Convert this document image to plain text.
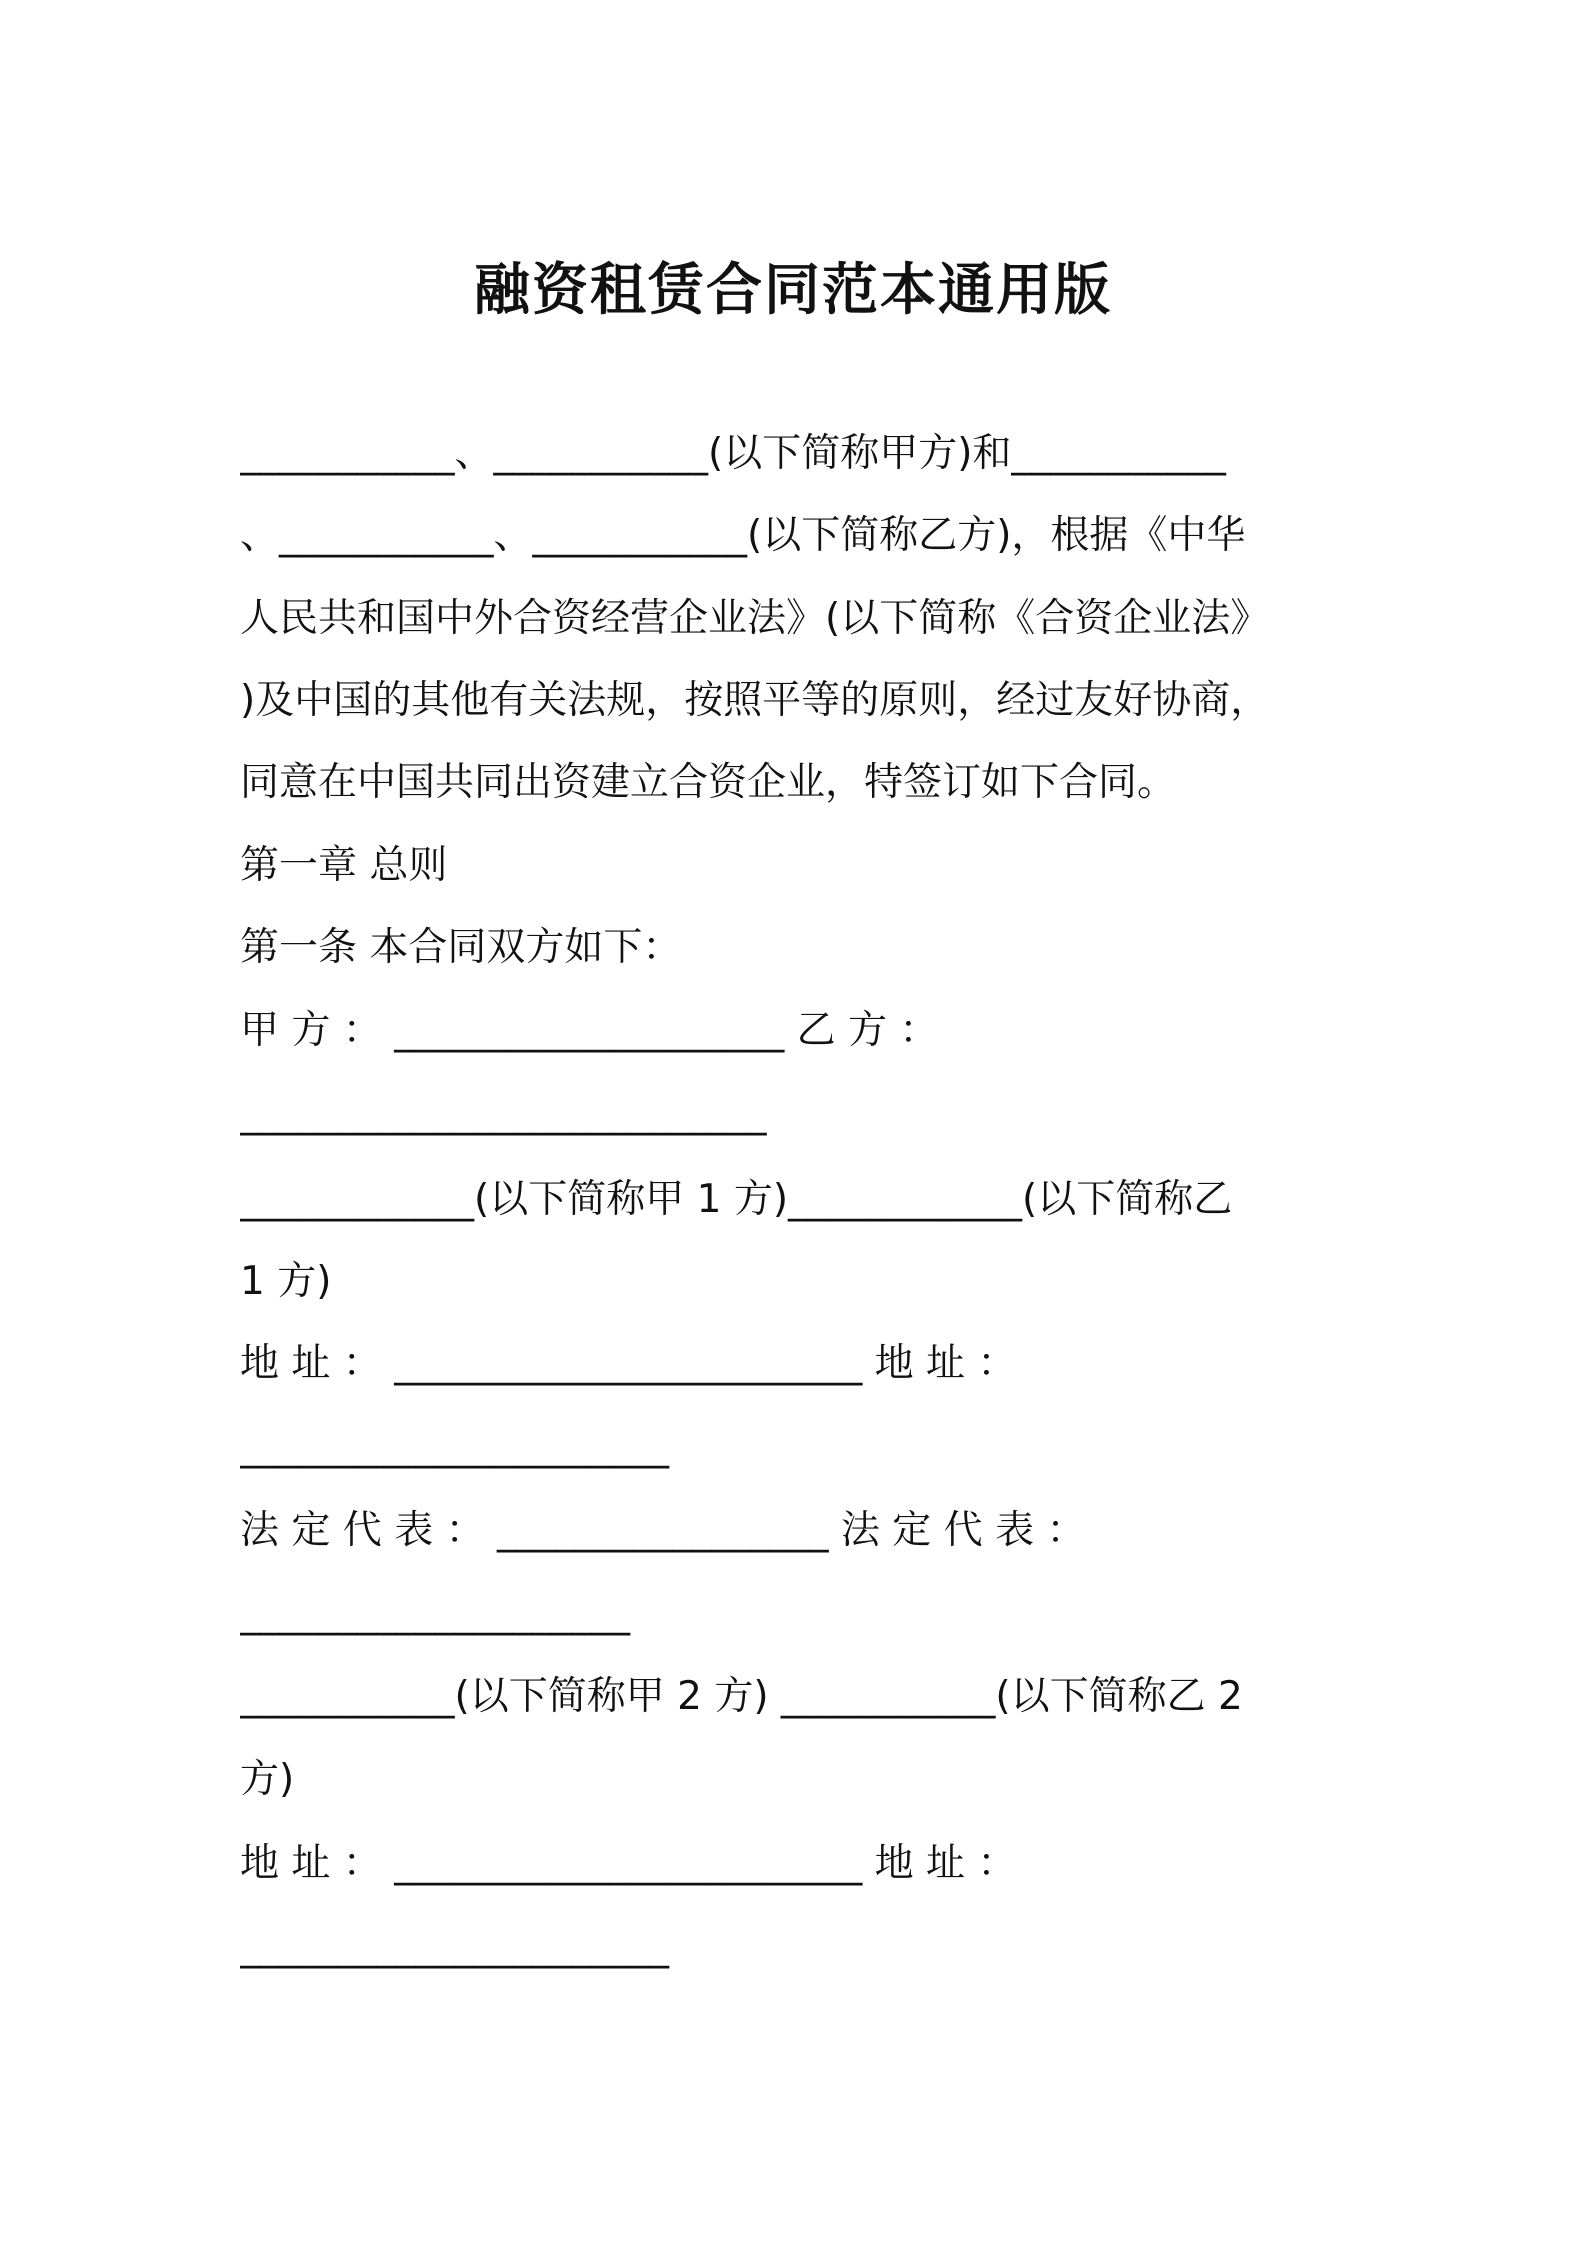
融资租赁合同范本通用版
___________、___________(以下简称甲方)和___________
、___________、___________(以下简称乙方)，根据《中华
人民共和国中外合资经营企业法》(以下简称《合资企业法》
)及中国的其他有关法规，按照平等的原则，经过友好协商，
同意在中国共同出资建立合资企业，特签订如下合同。
第一章 总则
第一条 本合同双方如下：
甲 方 ： ____________________ 乙 方 ：
___________________________
____________(以下简称甲 1 方)____________(以下简称乙
1 方)
地 址 ： ________________________ 地 址 ：
______________________
法 定 代 表 ： _________________ 法 定 代 表 ：
____________________
___________(以下简称甲 2 方) ___________(以下简称乙 2
方)
地 址 ： ________________________ 地 址 ：
______________________
